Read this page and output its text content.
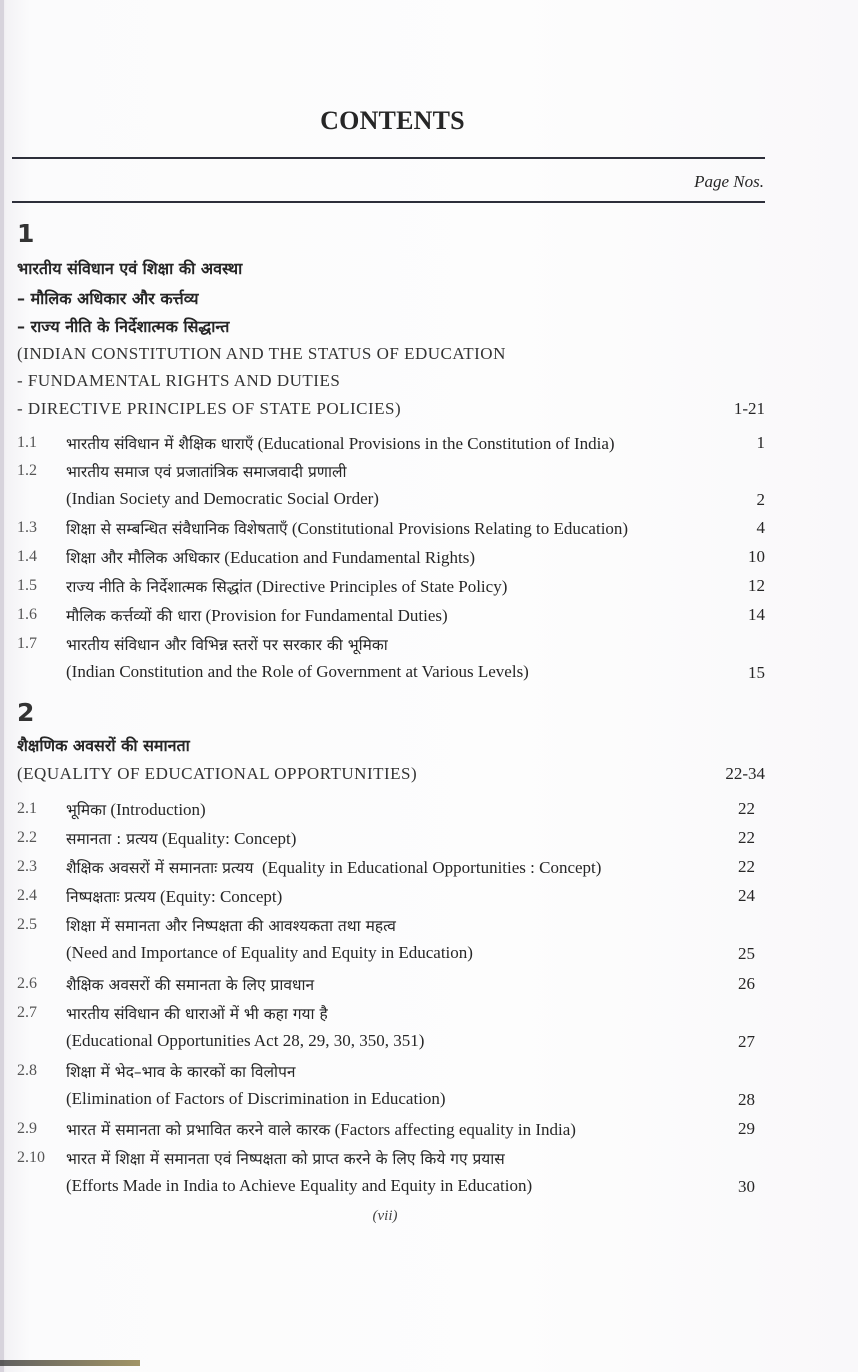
CONTENTS
Page Nos.
1
भारतीय संविधान एवं शिक्षा की अवस्था
– मौलिक अधिकार और कर्त्तव्य
– राज्य नीति के निर्देशात्मक सिद्धान्त
(INDIAN CONSTITUTION AND THE STATUS OF EDUCATION
- FUNDAMENTAL RIGHTS AND DUTIES
- DIRECTIVE PRINCIPLES OF STATE POLICIES)	1-21
1.1 भारतीय संविधान में शैक्षिक धाराएँ (Educational Provisions in the Constitution of India)	1
1.2 भारतीय समाज एवं प्रजातांत्रिक समाजवादी प्रणाली
(Indian Society and Democratic Social Order)	2
1.3 शिक्षा से सम्बन्धित संवैधानिक विशेषताएँ (Constitutional Provisions Relating to Education)	4
1.4 शिक्षा और मौलिक अधिकार (Education and Fundamental Rights)	10
1.5 राज्य नीति के निर्देशात्मक सिद्धांत (Directive Principles of State Policy)	12
1.6 मौलिक कर्त्तव्यों की धारा (Provision for Fundamental Duties)	14
1.7 भारतीय संविधान और विभिन्न स्तरों पर सरकार की भूमिका
(Indian Constitution and the Role of Government at Various Levels)	15
2
शैक्षणिक अवसरों की समानता
(EQUALITY OF EDUCATIONAL OPPORTUNITIES)	22-34
2.1 भूमिका (Introduction)	22
2.2 समानता : प्रत्यय (Equality: Concept)	22
2.3 शैक्षिक अवसरों में समानताः प्रत्यय (Equality in Educational Opportunities : Concept)	22
2.4 निष्पक्षताः प्रत्यय (Equity: Concept)	24
2.5 शिक्षा में समानता और निष्पक्षता की आवश्यकता तथा महत्व
(Need and Importance of Equality and Equity in Education)	25
2.6 शैक्षिक अवसरों की समानता के लिए प्रावधान	26
2.7 भारतीय संविधान की धाराओं में भी कहा गया है
(Educational Opportunities Act 28, 29, 30, 350, 351)	27
2.8 शिक्षा में भेद–भाव के कारकों का विलोपन
(Elimination of Factors of Discrimination in Education)	28
2.9 भारत में समानता को प्रभावित करने वाले कारक (Factors affecting equality in India)	29
2.10 भारत में शिक्षा में समानता एवं निष्पक्षता को प्राप्त करने के लिए किये गए प्रयास
(Efforts Made in India to Achieve Equality and Equity in Education)	30
(vii)
